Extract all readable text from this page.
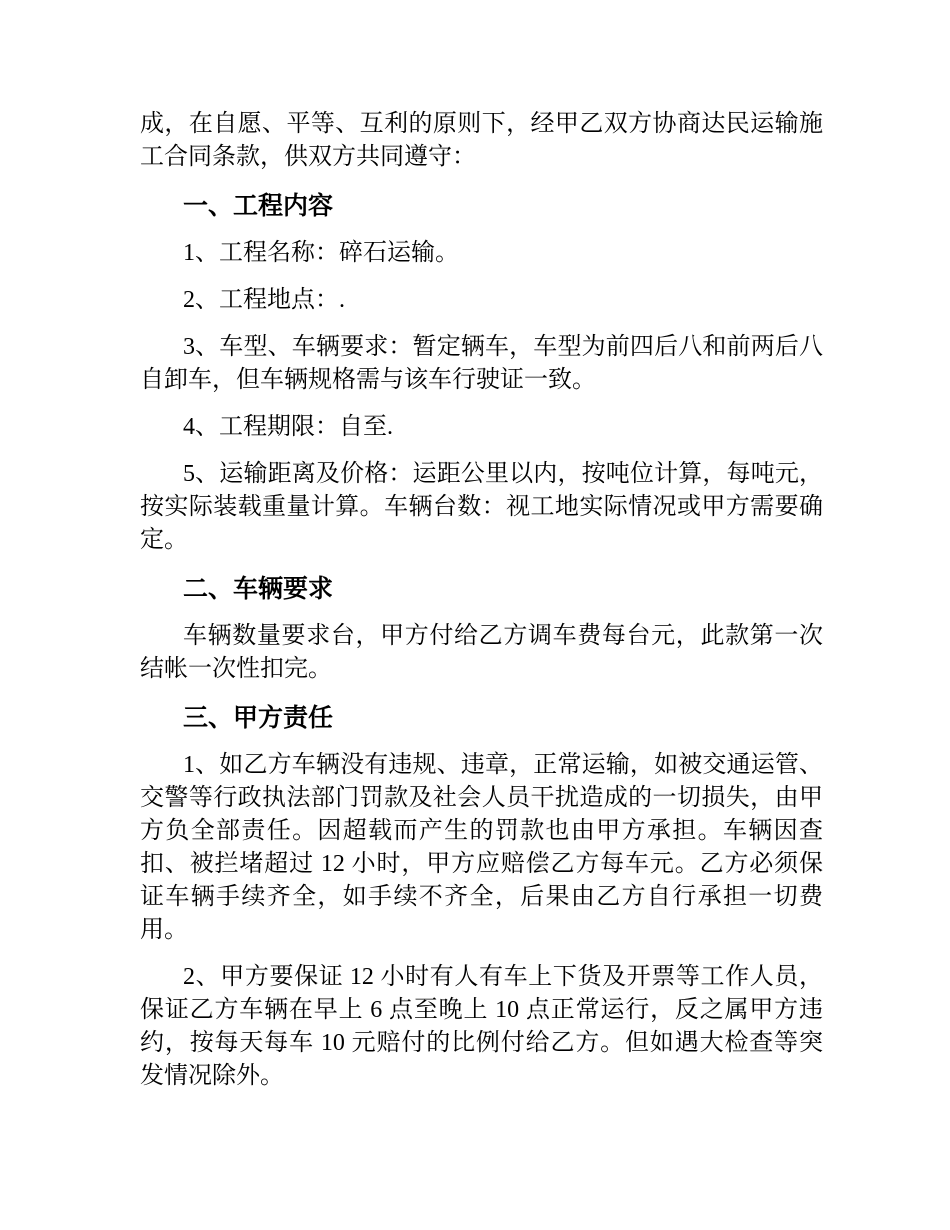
成，在自愿、平等、互利的原则下，经甲乙双方协商达民运输施工合同条款，供双方共同遵守：

一、工程内容

1、工程名称：碎石运输。

2、工程地点：.

3、车型、车辆要求：暂定辆车，车型为前四后八和前两后八自卸车，但车辆规格需与该车行驶证一致。

4、工程期限：自至.

5、运输距离及价格：运距公里以内，按吨位计算，每吨元，按实际装载重量计算。车辆台数：视工地实际情况或甲方需要确定。

二、车辆要求

车辆数量要求台，甲方付给乙方调车费每台元，此款第一次结帐一次性扣完。

三、甲方责任

1、如乙方车辆没有违规、违章，正常运输，如被交通运管、交警等行政执法部门罚款及社会人员干扰造成的一切损失，由甲方负全部责任。因超载而产生的罚款也由甲方承担。车辆因查扣、被拦堵超过 12 小时，甲方应赔偿乙方每车元。乙方必须保证车辆手续齐全，如手续不齐全，后果由乙方自行承担一切费用。

2、甲方要保证 12 小时有人有车上下货及开票等工作人员，保证乙方车辆在早上 6 点至晚上 10 点正常运行，反之属甲方违约，按每天每车 10 元赔付的比例付给乙方。但如遇大检查等突发情况除外。
